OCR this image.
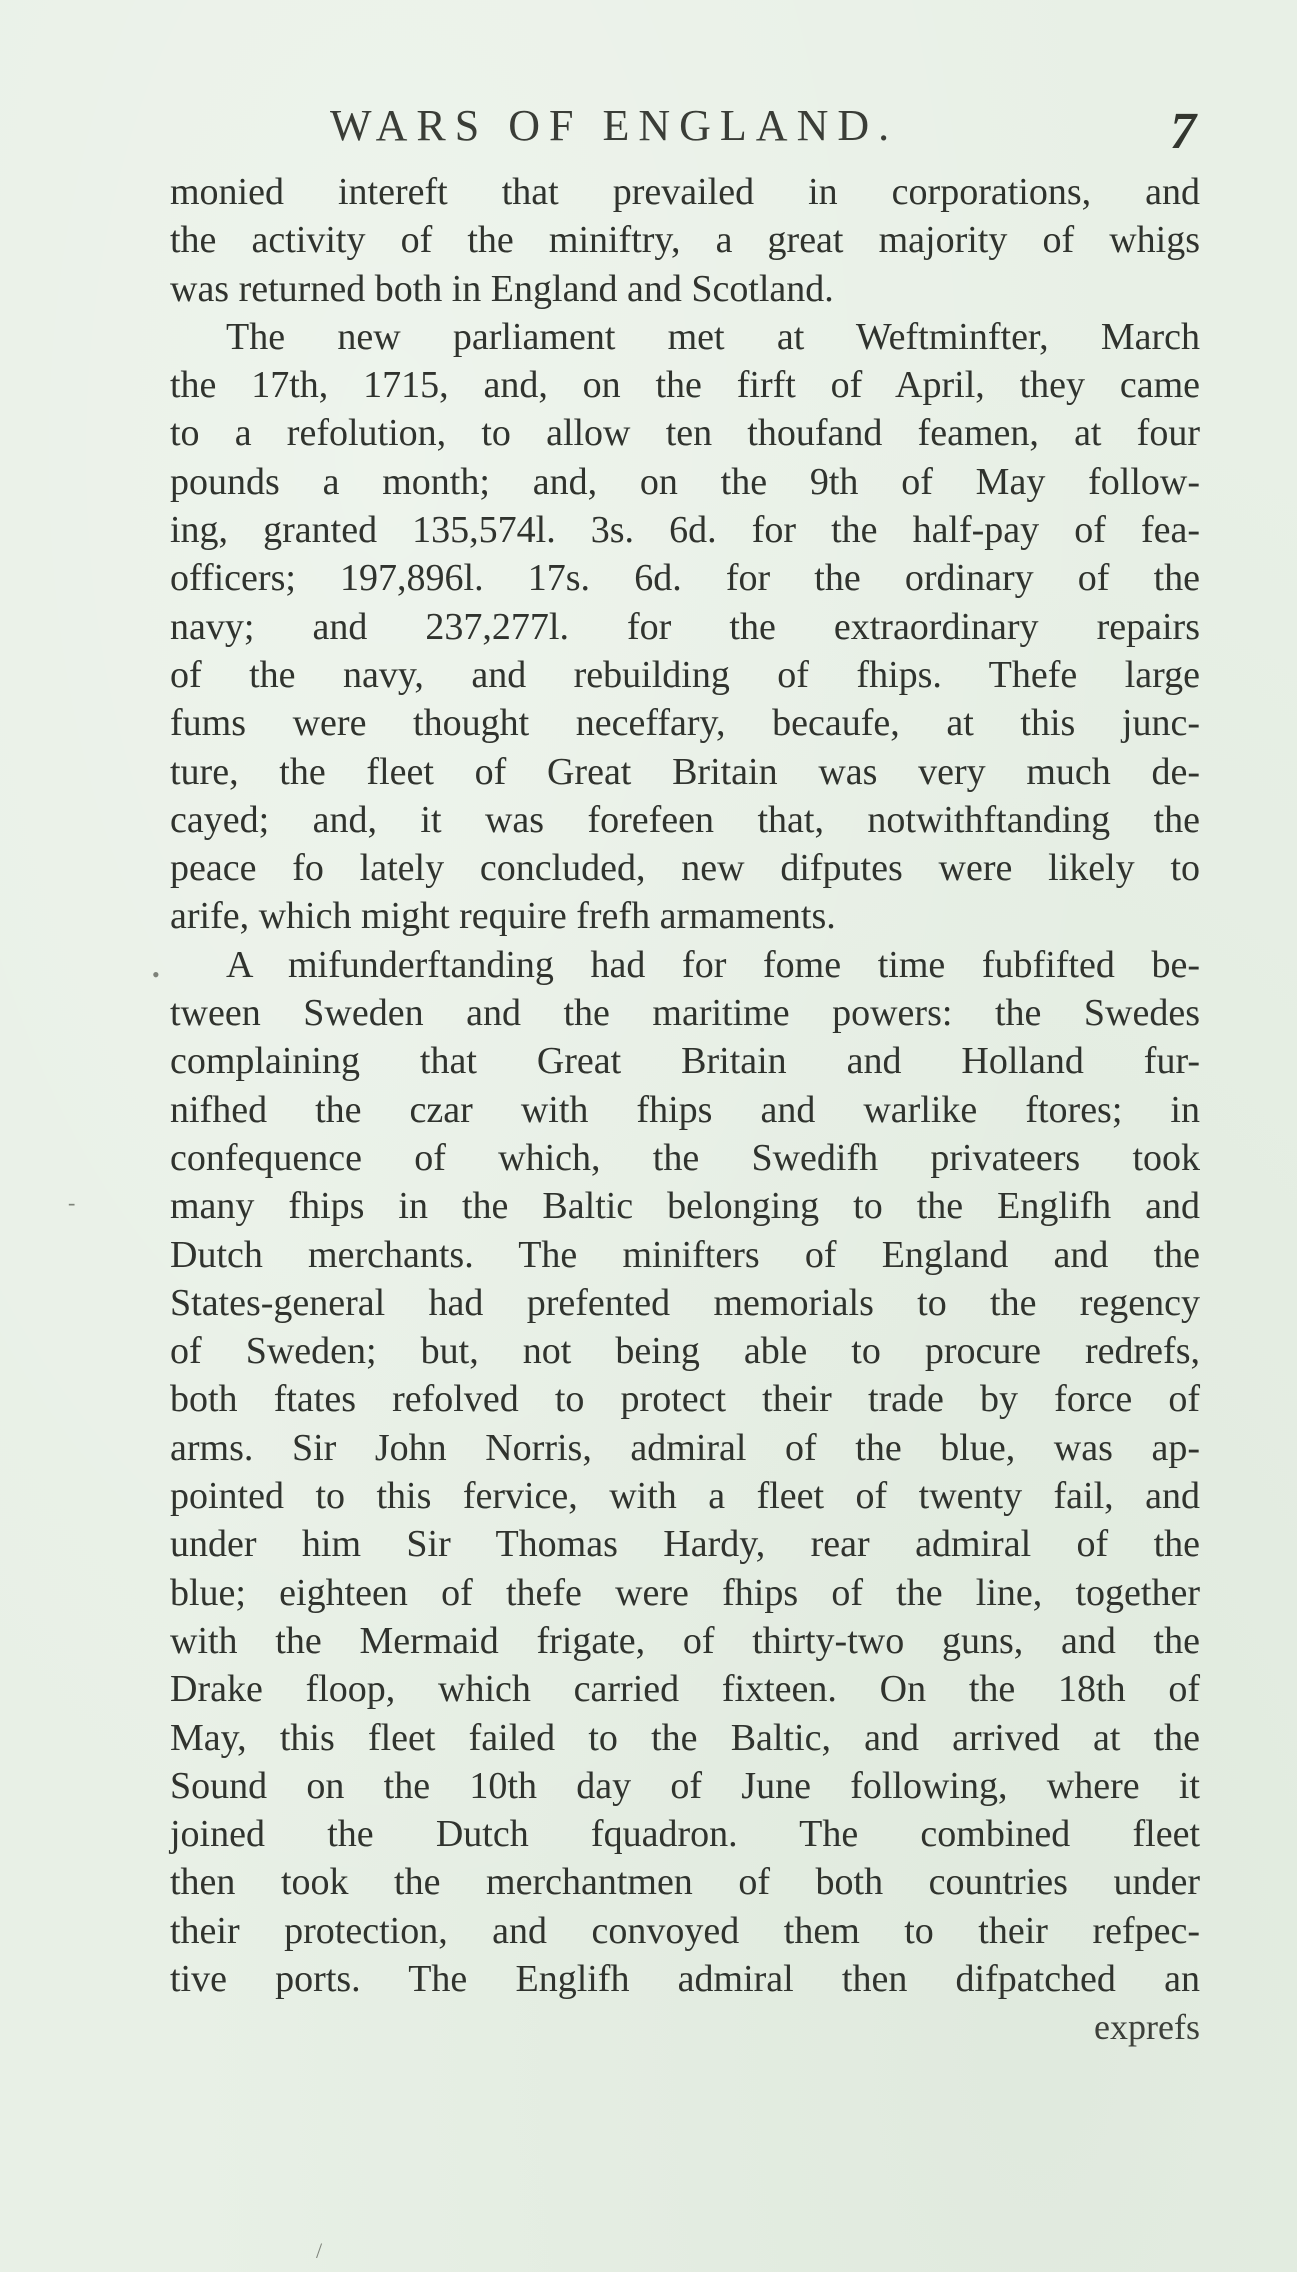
WARS OF ENGLAND.	7
monied intereft that prevailed in corporations, and
the activity of the miniftry, a great majority of whigs
was returned both in England and Scotland.
The new parliament met at Weftminfter, March
the 17th, 1715, and, on the firft of April, they came
to a refolution, to allow ten thoufand feamen, at four
pounds a month; and, on the 9th of May follow-
ing, granted 135,574l. 3s. 6d. for the half-pay of fea-
officers; 197,896l. 17s. 6d. for the ordinary of the
navy; and 237,277l. for the extraordinary repairs
of the navy, and rebuilding of fhips. Thefe large
fums were thought neceffary, becaufe, at this junc-
ture, the fleet of Great Britain was very much de-
cayed; and, it was forefeen that, notwithftanding the
peace fo lately concluded, new difputes were likely to
arife, which might require frefh armaments.
A mifunderftanding had for fome time fubfifted be-
tween Sweden and the maritime powers: the Swedes
complaining that Great Britain and Holland fur-
nifhed the czar with fhips and warlike ftores; in
confequence of which, the Swedifh privateers took
many fhips in the Baltic belonging to the Englifh and
Dutch merchants. The minifters of England and the
States-general had prefented memorials to the regency
of Sweden; but, not being able to procure redrefs,
both ftates refolved to protect their trade by force of
arms. Sir John Norris, admiral of the blue, was ap-
pointed to this fervice, with a fleet of twenty fail, and
under him Sir Thomas Hardy, rear admiral of the
blue; eighteen of thefe were fhips of the line, together
with the Mermaid frigate, of thirty-two guns, and the
Drake floop, which carried fixteen. On the 18th of
May, this fleet failed to the Baltic, and arrived at the
Sound on the 10th day of June following, where it
joined the Dutch fquadron. The combined fleet
then took the merchantmen of both countries under
their protection, and convoyed them to their refpec-
tive ports. The Englifh admiral then difpatched an
exprefs
•
-
/
